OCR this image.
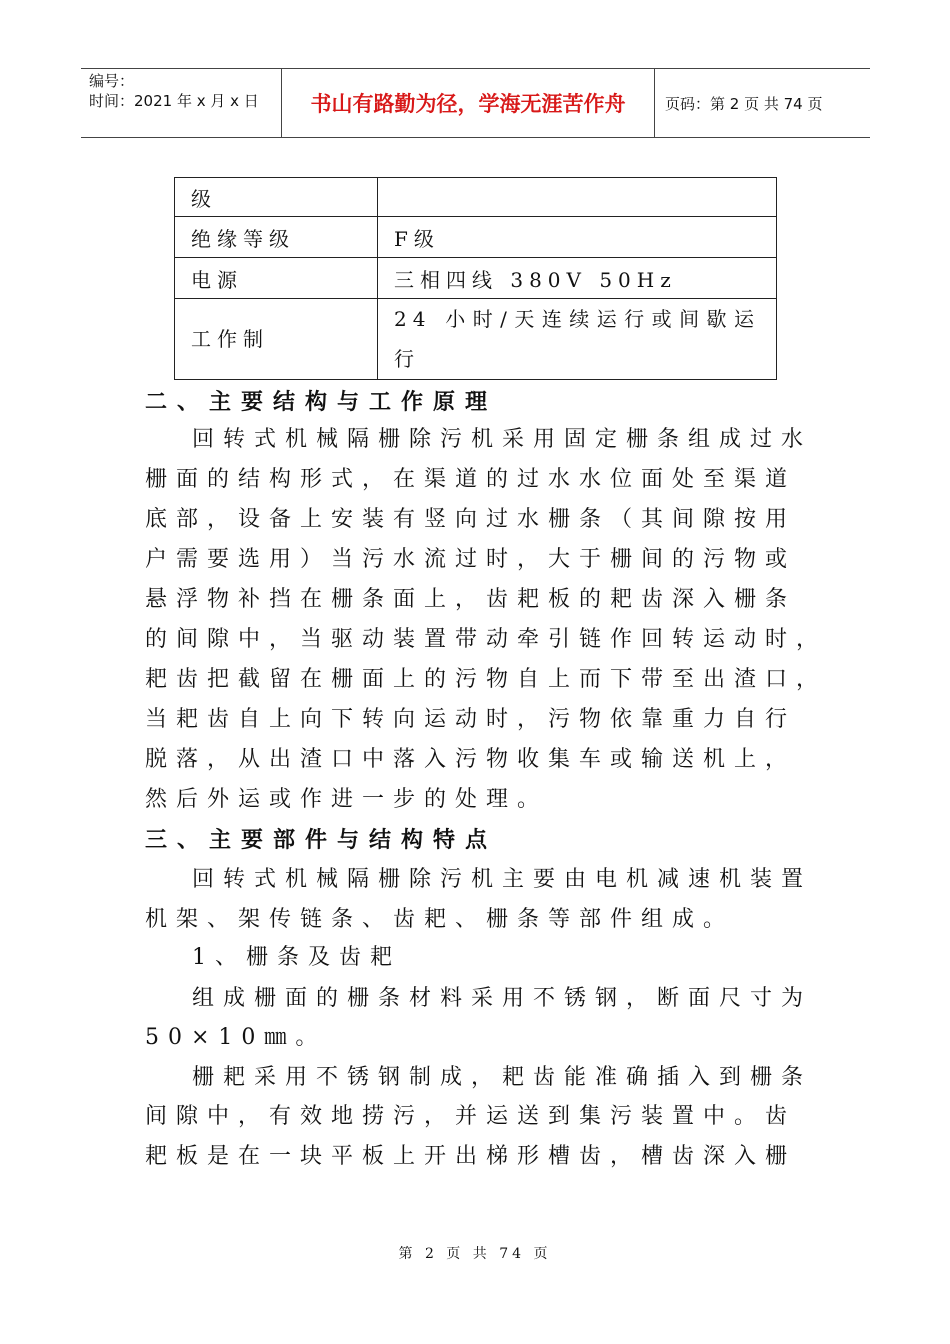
编号：
时间：2021 年 x 月 x 日	书山有路勤为径，学海无涯苦作舟	页码：第 2 页 共 74 页
级	
绝缘等级	F级
电源	三相四线 380V 50Hz
工作制	24 小时/天连续运行或间歇运行
二、主要结构与工作原理
回转式机械隔栅除污机采用固定栅条组成过水
栅面的结构形式，在渠道的过水水位面处至渠道
底部，设备上安装有竖向过水栅条（其间隙按用
户需要选用）当污水流过时，大于栅间的污物或
悬浮物补挡在栅条面上，齿耙板的耙齿深入栅条
的间隙中，当驱动装置带动牵引链作回转运动时，
耙齿把截留在栅面上的污物自上而下带至出渣口，
当耙齿自上向下转向运动时，污物依靠重力自行
脱落，从出渣口中落入污物收集车或输送机上，
然后外运或作进一步的处理。
三、主要部件与结构特点
回转式机械隔栅除污机主要由电机减速机装置
机架、架传链条、齿耙、栅条等部件组成。
1、栅条及齿耙
组成栅面的栅条材料采用不锈钢，断面尺寸为
50×10㎜。
栅耙采用不锈钢制成，耙齿能准确插入到栅条
间隙中，有效地捞污，并运送到集污装置中。齿
耙板是在一块平板上开出梯形槽齿，槽齿深入栅
第 2 页 共 74 页
